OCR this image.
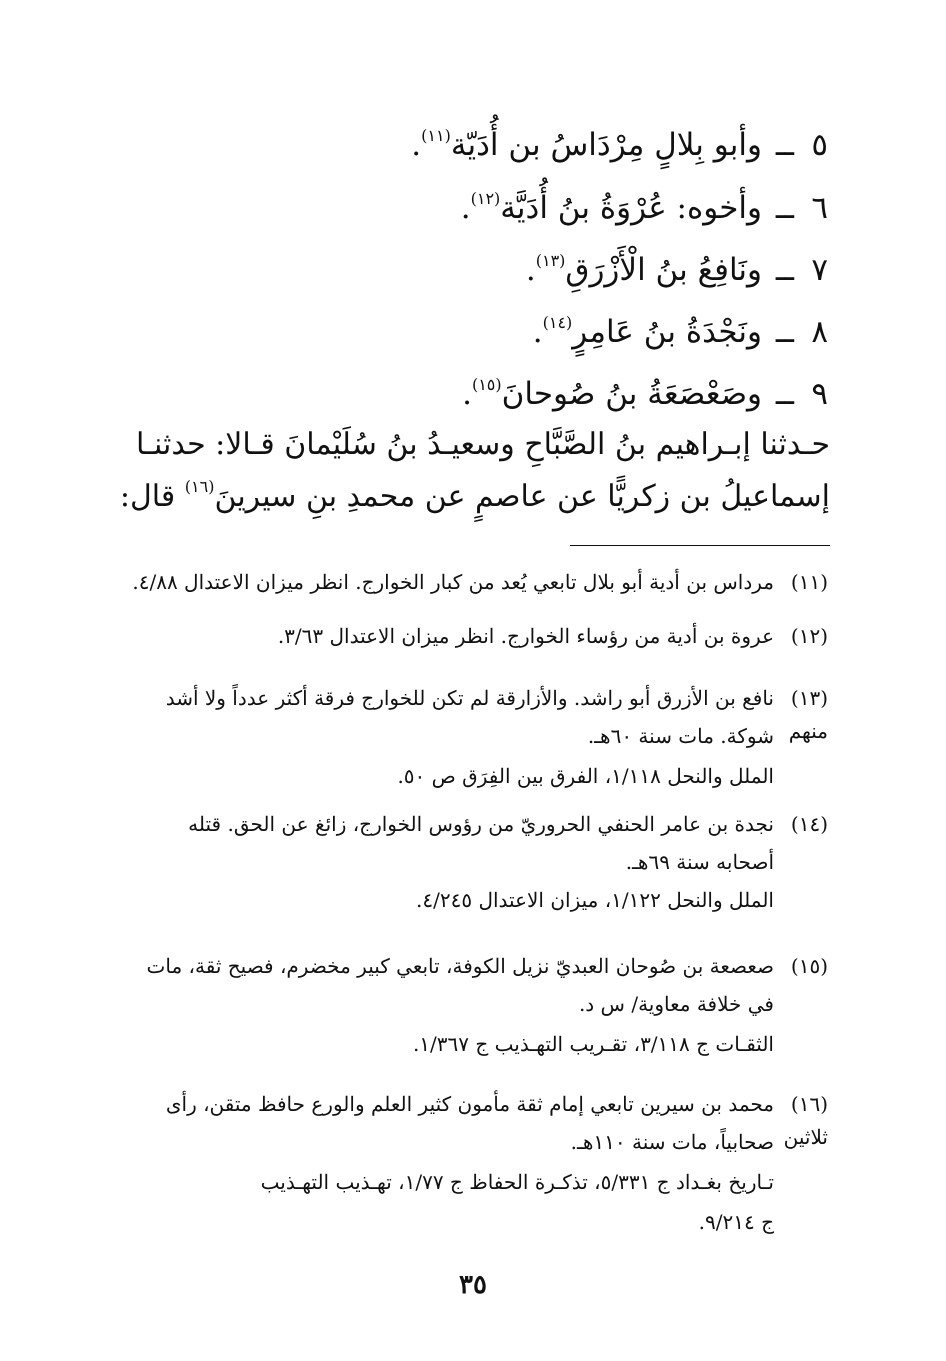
٥ــوأبو بِلالٍ مِرْدَاسُ بن أُدَيّة$^{(١١)}$.
٦ــوأخوه: عُرْوَةُ بنُ أُدَيَّة$^{(١٢)}$.
٧ــونَافِعُ بنُ الْأَزْرَقِ$^{(١٣)}$.
٨ــونَجْدَةُ بنُ عَامِرٍ$^{(١٤)}$.
٩ــوصَعْصَعَةُ بنُ صُوحانَ$^{(١٥)}$.
حـدثنا إبـراهيم بنُ الصَّبَّاحِ وسعيـدُ بنُ سُلَيْمانَ قـالا: حدثنـا
إسماعيلُ بن زكريًّا عن عاصمٍ عن محمدِ بنِ سيرينَ$^{(١٦)}$ قال:
(١١)مرداس بن أدية أبو بلال تابعي يُعد من كبار الخوارج. انظر ميزان الاعتدال ٤/٨٨.
(١٢)عروة بن أدية من رؤساء الخوارج. انظر ميزان الاعتدال ٣/٦٣.
(١٣)نافع بن الأزرق أبو راشد. والأزارقة لم تكن للخوارج فرقة أكثر عدداً ولا أشد منهم
شوكة. مات سنة ٦٠هـ.
الملل والنحل ١/١١٨، الفرق بين الفِرَق ص ٥٠.
(١٤)نجدة بن عامر الحنفي الحروريّ من رؤوس الخوارج، زائغ عن الحق. قتله
أصحابه سنة ٦٩هـ.
الملل والنحل ١/١٢٢، ميزان الاعتدال ٤/٢٤٥.
(١٥)صعصعة بن صُوحان العبديّ نزيل الكوفة، تابعي كبير مخضرم، فصيح ثقة، مات
في خلافة معاوية/ س د.
الثقـات ج ٣/١١٨، تقـريب التهـذيب ج ١/٣٦٧.
(١٦)محمد بن سيرين تابعي إمام ثقة مأمون كثير العلم والورع حافظ متقن، رأى ثلاثين
صحابياً، مات سنة ١١٠هـ.
تـاريخ بغـداد ج ٥/٣٣١، تذكـرة الحفاظ ج ١/٧٧، تهـذيب التهـذيب
ج ٩/٢١٤.
٣٥
